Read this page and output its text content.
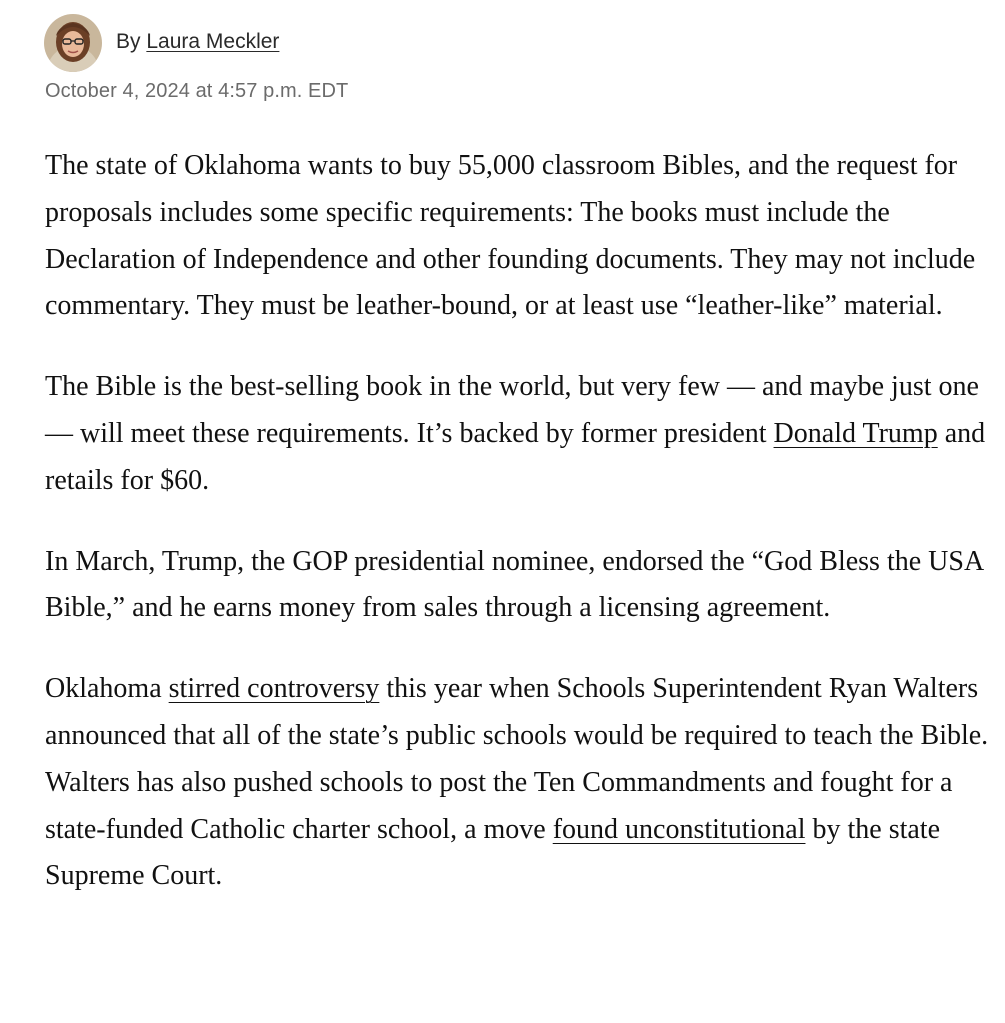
By Laura Meckler
October 4, 2024 at 4:57 p.m. EDT

The state of Oklahoma wants to buy 55,000 classroom Bibles, and the request for proposals includes some specific requirements: The books must include the Declaration of Independence and other founding documents. They may not include commentary. They must be leather-bound, or at least use “leather-like” material.

The Bible is the best-selling book in the world, but very few — and maybe just one — will meet these requirements. It’s backed by former president Donald Trump and retails for $60.

In March, Trump, the GOP presidential nominee, endorsed the “God Bless the USA Bible,” and he earns money from sales through a licensing agreement.

Oklahoma stirred controversy this year when Schools Superintendent Ryan Walters announced that all of the state’s public schools would be required to teach the Bible. Walters has also pushed schools to post the Ten Commandments and fought for a state-funded Catholic charter school, a move found unconstitutional by the state Supreme Court.
